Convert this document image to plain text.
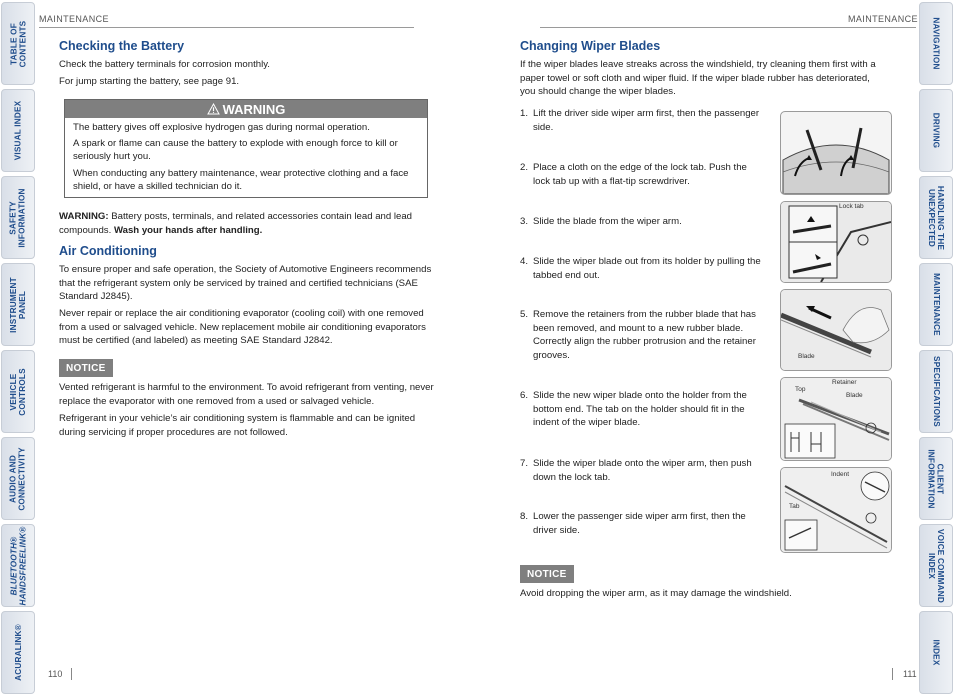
TABLE OF
CONTENTS
VISUAL INDEX
SAFETY
INFORMATION
INSTRUMENT
PANEL
VEHICLE
CONTROLS
AUDIO AND
CONNECTIVITY
BLUETOOTH®
HANDSFREELINK®
ACURALINK®
NAVIGATION
DRIVING
HANDLING THE
UNEXPECTED
MAINTENANCE
SPECIFICATIONS
CLIENT
INFORMATION
VOICE COMMAND
INDEX
INDEX
MAINTENANCE
Checking the Battery

Check the battery terminals for corrosion monthly.

For jump starting the battery, see page 91.

WARNING

The battery gives off explosive hydrogen gas during normal operation.

A spark or flame can cause the battery to explode with enough force to kill or seriously hurt you.

When conducting any battery maintenance, wear protective clothing and a face shield, or have a skilled technician do it.

WARNING: Battery posts, terminals, and related accessories contain lead and lead compounds. Wash your hands after handling.

Air Conditioning

To ensure proper and safe operation, the Society of Automotive Engineers recommends that the refrigerant system only be serviced by trained and certified technicians (SAE Standard J2845).

Never repair or replace the air conditioning evaporator (cooling coil) with one removed from a used or salvaged vehicle. New replacement mobile air conditioning evaporators must be certified (and labeled) as meeting SAE Standard J2842.

NOTICE

Vented refrigerant is harmful to the environment. To avoid refrigerant from venting, never replace the evaporator with one removed from a used or salvaged vehicle.

Refrigerant in your vehicle’s air conditioning system is flammable and can be ignited during servicing if proper procedures are not followed.

110
MAINTENANCE
Changing Wiper Blades

If the wiper blades leave streaks across the windshield, try cleaning them first with a paper towel or soft cloth and wiper fluid. If the wiper blade rubber has deteriorated, you should change the wiper blades.

1. Lift the driver side wiper arm first, then the passenger side.
2. Place a cloth on the edge of the lock tab. Push the lock tab up with a flat-tip screwdriver.
3. Slide the blade from the wiper arm.
4. Slide the wiper blade out from its holder by pulling the tabbed end out.
5. Remove the retainers from the rubber blade that has been removed, and mount to a new rubber blade. Correctly align the rubber protrusion and the retainer grooves.
6. Slide the new wiper blade onto the holder from the bottom end. The tab on the holder should fit in the indent of the wiper blade.
7. Slide the wiper blade onto the wiper arm, then push down the lock tab.
8. Lower the passenger side wiper arm first, then the driver side.
Lock tab
Blade
Top
Retainer
Blade
Indent
Tab
NOTICE

Avoid dropping the wiper arm, as it may damage the windshield.

111
